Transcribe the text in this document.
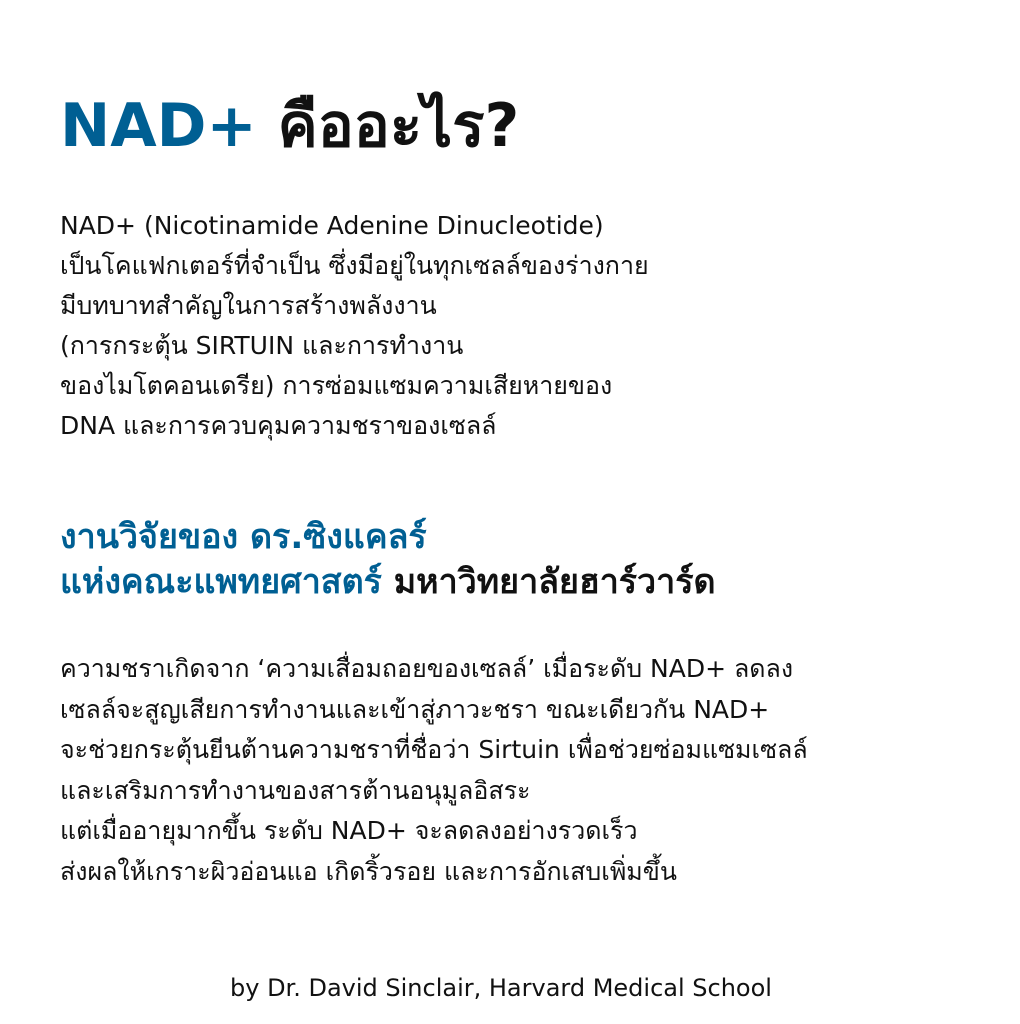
NAD+ คืออะไร?

NAD+ (Nicotinamide Adenine Dinucleotide)
เป็นโคแฟกเตอร์ที่จำเป็น ซึ่งมีอยู่ในทุกเซลล์ของร่างกาย
มีบทบาทสำคัญในการสร้างพลังงาน
(การกระตุ้น SIRTUIN และการทำงาน
ของไมโตคอนเดรีย) การซ่อมแซมความเสียหายของ
DNA และการควบคุมความชราของเซลล์

งานวิจัยของ ดร.ซิงแคลร์
แห่งคณะแพทยศาสตร์ มหาวิทยาลัยฮาร์วาร์ด

ความชราเกิดจาก ‘ความเสื่อมถอยของเซลล์’ เมื่อระดับ NAD+ ลดลง
เซลล์จะสูญเสียการทำงานและเข้าสู่ภาวะชรา ขณะเดียวกัน NAD+
จะช่วยกระตุ้นยีนต้านความชราที่ชื่อว่า Sirtuin เพื่อช่วยซ่อมแซมเซลล์
และเสริมการทำงานของสารต้านอนุมูลอิสระ
แต่เมื่ออายุมากขึ้น ระดับ NAD+ จะลดลงอย่างรวดเร็ว
ส่งผลให้เกราะผิวอ่อนแอ เกิดริ้วรอย และการอักเสบเพิ่มขึ้น

by Dr. David Sinclair, Harvard Medical School
